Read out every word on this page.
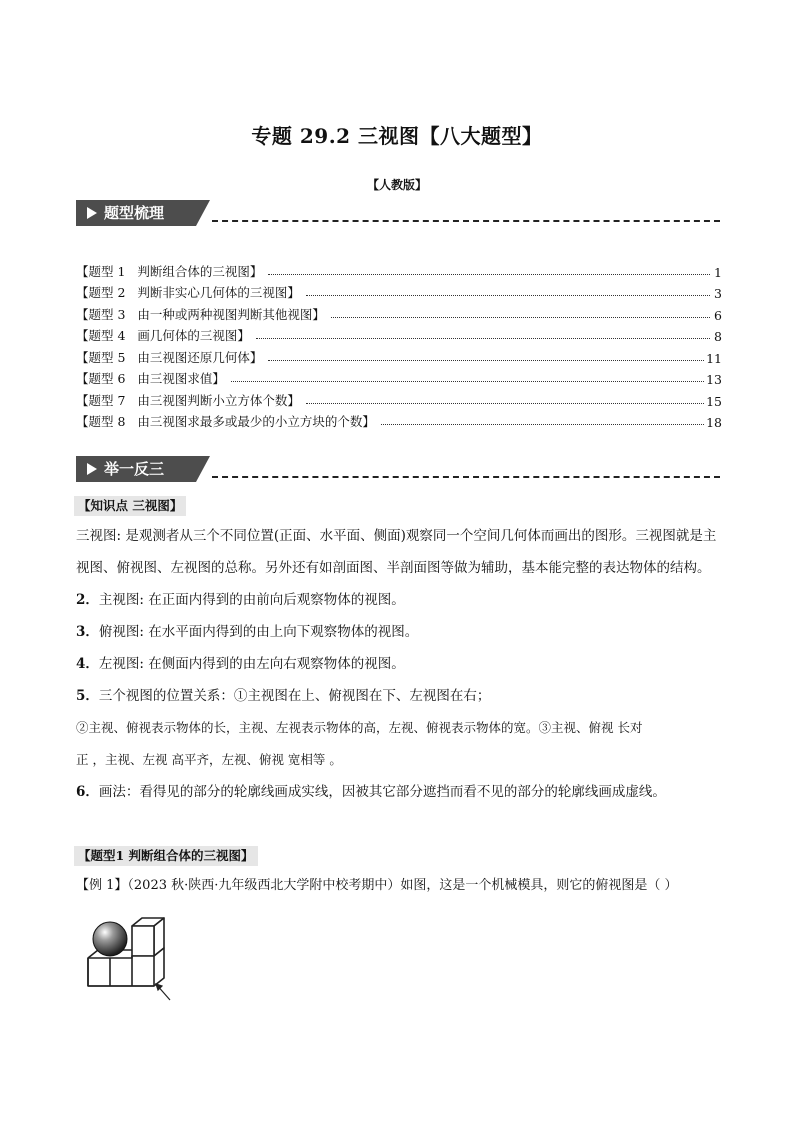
专题 29.2 三视图【八大题型】
【人教版】
题型梳理
【题型 1   判断组合体的三视图】	1
【题型 2   判断非实心几何体的三视图】	3
【题型 3   由一种或两种视图判断其他视图】	6
【题型 4   画几何体的三视图】	8
【题型 5   由三视图还原几何体】	11
【题型 6   由三视图求值】	13
【题型 7   由三视图判断小立方体个数】	15
【题型 8   由三视图求最多或最少的小立方块的个数】	18
举一反三
【知识点 三视图】

三视图: 是观测者从三个不同位置(正面、水平面、侧面)观察同一个空间几何体而画出的图形。三视图就是主视图、俯视图、左视图的总称。另外还有如剖面图、半剖面图等做为辅助，基本能完整的表达物体的结构。

2．主视图: 在正面内得到的由前向后观察物体的视图。
3．俯视图: 在水平面内得到的由上向下观察物体的视图。
4．左视图: 在侧面内得到的由左向右观察物体的视图。
5．三个视图的位置关系：①主视图在上、俯视图在下、左视图在右；
②主视、俯视表示物体的长，主视、左视表示物体的高，左视、俯视表示物体的宽。③主视、俯视 长对
正 ，主视、左视 高平齐，左视、俯视 宽相等 。
6．画法：看得见的部分的轮廓线画成实线，因被其它部分遮挡而看不见的部分的轮廓线画成虚线。
【题型1 判断组合体的三视图】
【例 1】（2023 秋·陕西·九年级西北大学附中校考期中）如图，这是一个机械模具，则它的俯视图是（ ）
